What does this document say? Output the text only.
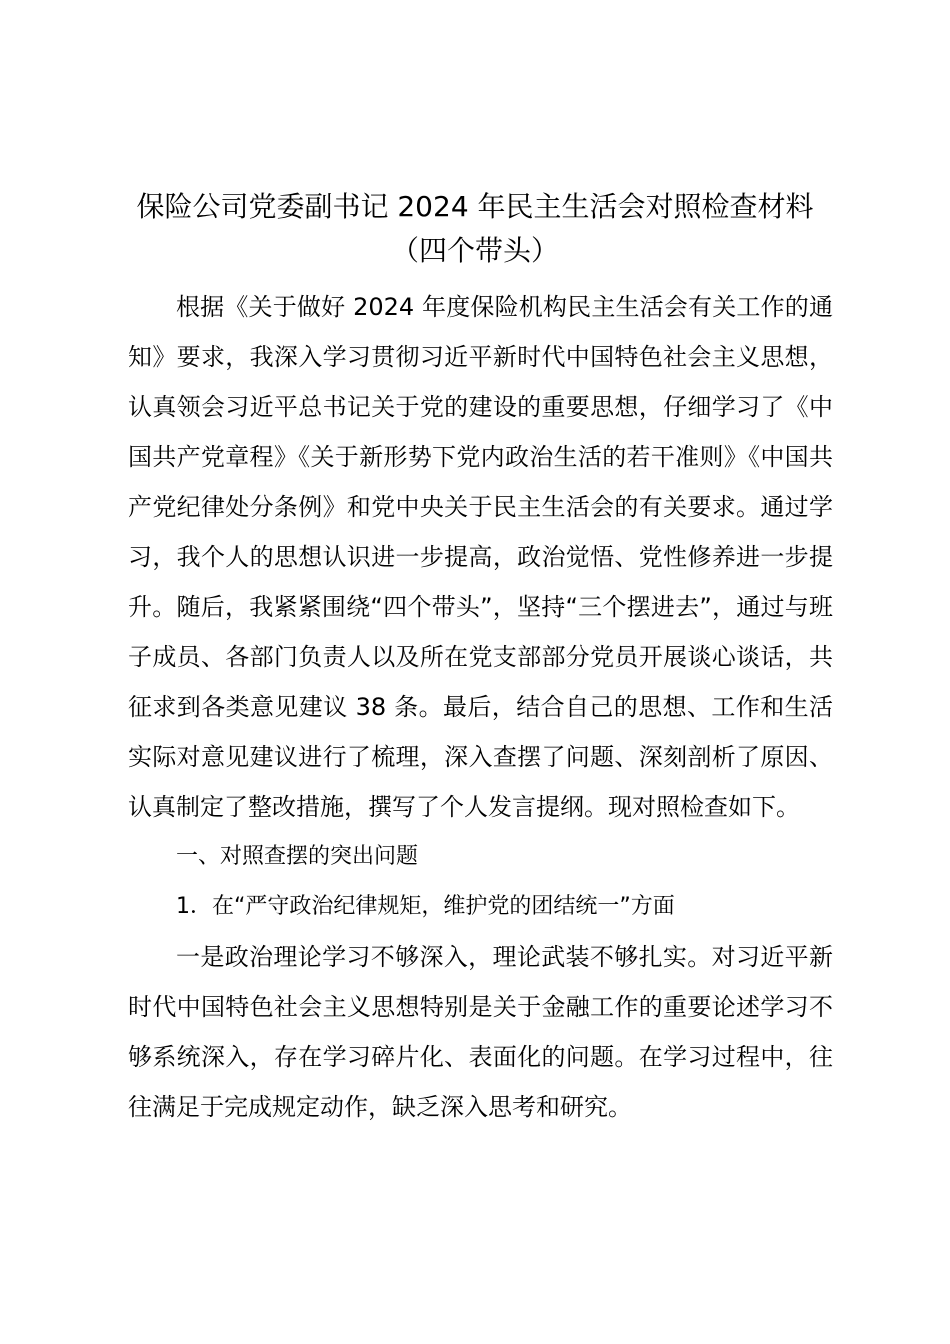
保险公司党委副书记 2024 年民主生活会对照检查材料
（四个带头）

根据《关于做好 2024 年度保险机构民主生活会有关工作的通知》要求，我深入学习贯彻习近平新时代中国特色社会主义思想，认真领会习近平总书记关于党的建设的重要思想，仔细学习了《中国共产党章程》《关于新形势下党内政治生活的若干准则》《中国共产党纪律处分条例》和党中央关于民主生活会的有关要求。通过学习，我个人的思想认识进一步提高，政治觉悟、党性修养进一步提升。随后，我紧紧围绕“四个带头”，坚持“三个摆进去”，通过与班子成员、各部门负责人以及所在党支部部分党员开展谈心谈话，共征求到各类意见建议 38 条。最后，结合自己的思想、工作和生活实际对意见建议进行了梳理，深入查摆了问题、深刻剖析了原因、认真制定了整改措施，撰写了个人发言提纲。现对照检查如下。

一、对照查摆的突出问题

1．在“严守政治纪律规矩，维护党的团结统一”方面

一是政治理论学习不够深入，理论武装不够扎实。对习近平新时代中国特色社会主义思想特别是关于金融工作的重要论述学习不够系统深入，存在学习碎片化、表面化的问题。在学习过程中，往往满足于完成规定动作，缺乏深入思考和研究。
